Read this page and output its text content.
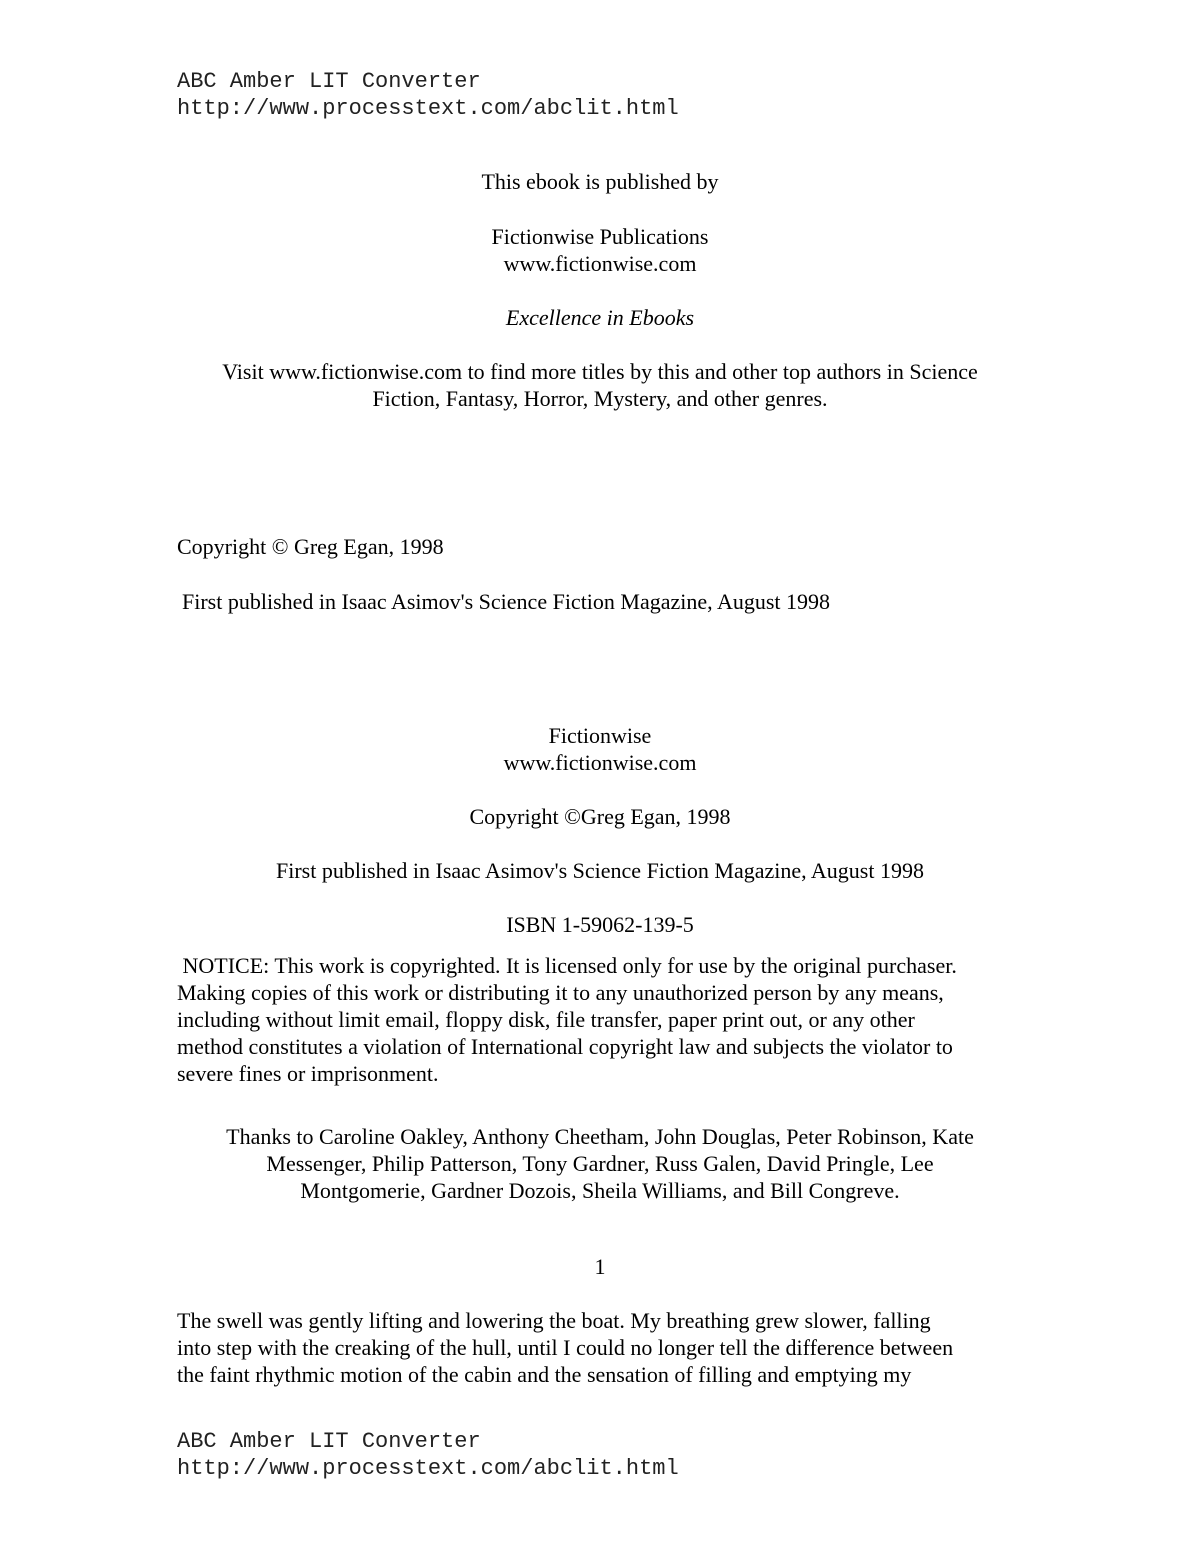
ABC Amber LIT Converter
http://www.processtext.com/abclit.html
This ebook is published by
Fictionwise Publications
www.fictionwise.com
Excellence in Ebooks
Visit www.fictionwise.com to find more titles by this and other top authors in Science
Fiction, Fantasy, Horror, Mystery, and other genres.
Copyright © Greg Egan, 1998
First published in Isaac Asimov's Science Fiction Magazine, August 1998
Fictionwise
www.fictionwise.com
Copyright ©Greg Egan, 1998
First published in Isaac Asimov's Science Fiction Magazine, August 1998
ISBN 1-59062-139-5
NOTICE: This work is copyrighted. It is licensed only for use by the original purchaser.
Making copies of this work or distributing it to any unauthorized person by any means,
including without limit email, floppy disk, file transfer, paper print out, or any other
method constitutes a violation of International copyright law and subjects the violator to
severe fines or imprisonment.
Thanks to Caroline Oakley, Anthony Cheetham, John Douglas, Peter Robinson, Kate
Messenger, Philip Patterson, Tony Gardner, Russ Galen, David Pringle, Lee
Montgomerie, Gardner Dozois, Sheila Williams, and Bill Congreve.
1
The swell was gently lifting and lowering the boat. My breathing grew slower, falling
into step with the creaking of the hull, until I could no longer tell the difference between
the faint rhythmic motion of the cabin and the sensation of filling and emptying my
ABC Amber LIT Converter
http://www.processtext.com/abclit.html
